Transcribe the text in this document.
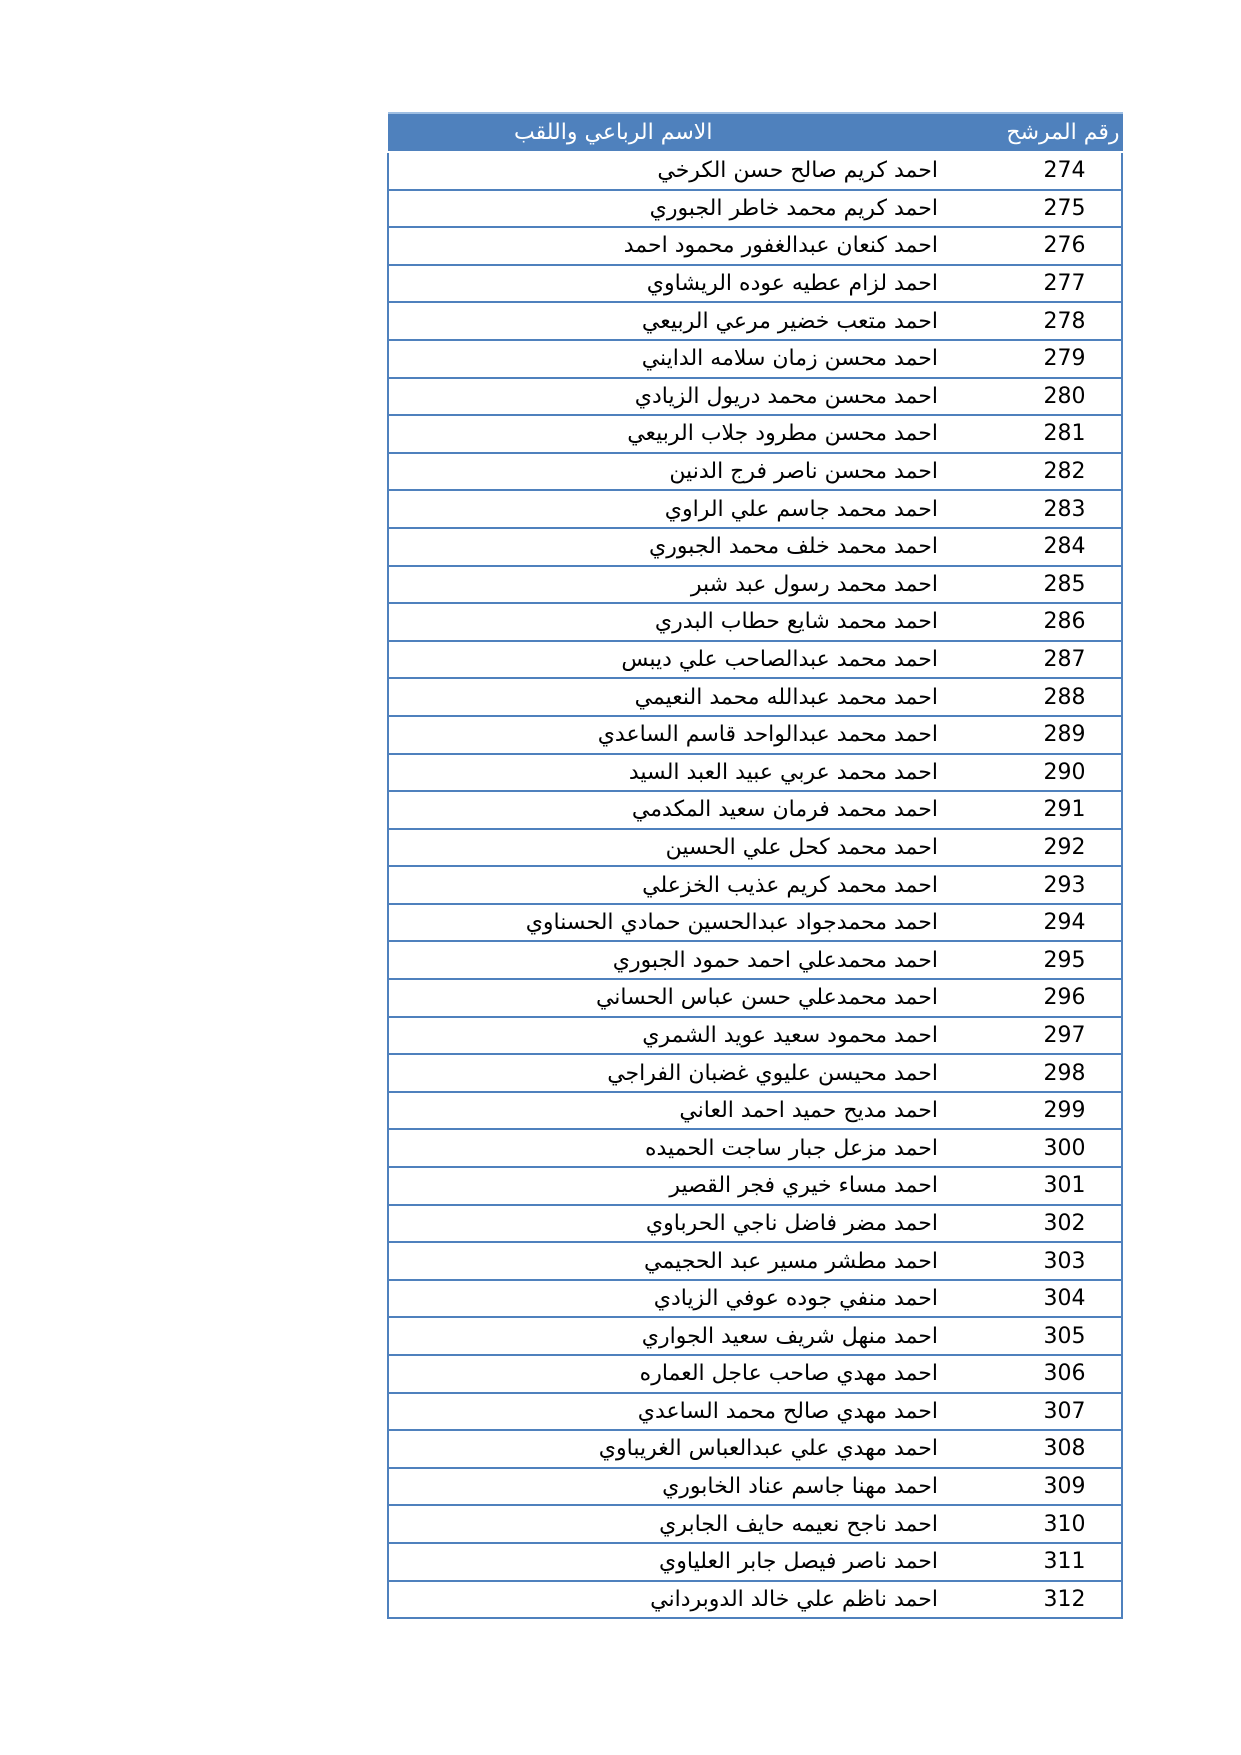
رقم المرشح	الاسم الرباعي واللقب
274	احمد كريم صالح حسن الكرخي
275	احمد كريم محمد خاطر الجبوري
276	احمد كنعان عبدالغفور محمود احمد
277	احمد لزام عطيه عوده الريشاوي
278	احمد متعب خضير مرعي الربيعي
279	احمد محسن زمان سلامه الدايني
280	احمد محسن محمد دريول الزيادي
281	احمد محسن مطرود جلاب الربيعي
282	احمد محسن ناصر فرج الدنين
283	احمد محمد جاسم علي الراوي
284	احمد محمد خلف محمد الجبوري
285	احمد محمد رسول عبد شبر
286	احمد محمد شايع حطاب البدري
287	احمد محمد عبدالصاحب علي ديبس
288	احمد محمد عبدالله محمد النعيمي
289	احمد محمد عبدالواحد قاسم الساعدي
290	احمد محمد عربي عبيد العبد السيد
291	احمد محمد فرمان سعيد المكدمي
292	احمد محمد كحل علي الحسين
293	احمد محمد كريم عذيب الخزعلي
294	احمد محمدجواد عبدالحسين حمادي الحسناوي
295	احمد محمدعلي احمد حمود الجبوري
296	احمد محمدعلي حسن عباس الحساني
297	احمد محمود سعيد عويد الشمري
298	احمد محيسن عليوي غضبان الفراجي
299	احمد مديح حميد احمد العاني
300	احمد مزعل جبار ساجت الحميده
301	احمد مساء خيري فجر القصير
302	احمد مضر فاضل ناجي الحرباوي
303	احمد مطشر مسير عبد الحجيمي
304	احمد منفي جوده عوفي الزيادي
305	احمد منهل شريف سعيد الجواري
306	احمد مهدي صاحب عاجل العماره
307	احمد مهدي صالح محمد الساعدي
308	احمد مهدي علي عبدالعباس الغريباوي
309	احمد مهنا جاسم عناد الخابوري
310	احمد ناجح نعيمه حايف الجابري
311	احمد ناصر فيصل جابر العلياوي
312	احمد ناظم علي خالد الدوبرداني
